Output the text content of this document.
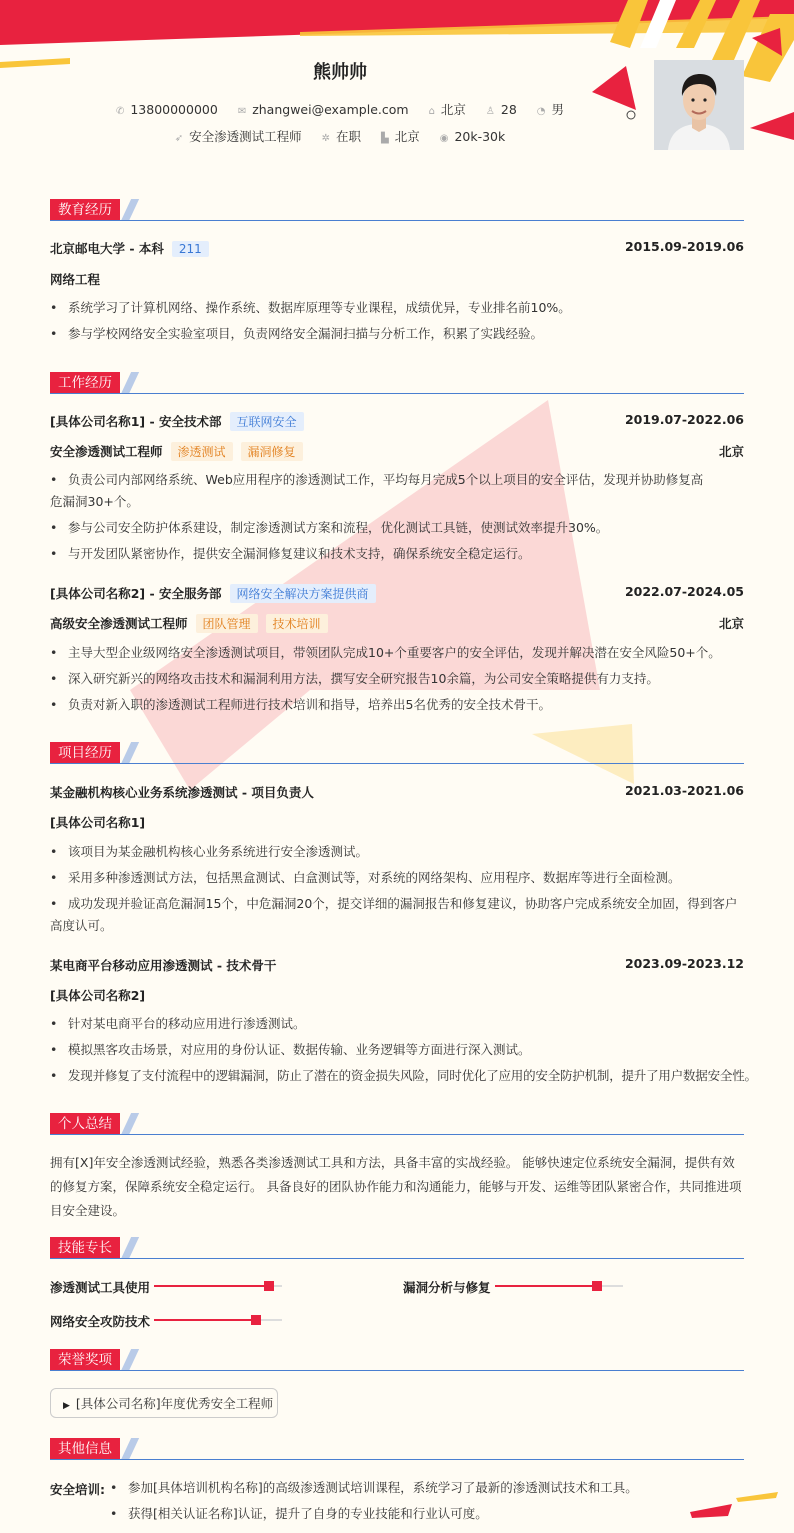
熊帅帅
✆ 13800000000 ✉ zhangwei@example.com ⌂ 北京 ♙ 28 ◔ 男
➶ 安全渗透测试工程师 ✲ 在职 ▙ 北京 ◉ 20k-30k
教育经历
北京邮电大学 - 本科 211	2015.09-2019.06
网络工程
• 系统学习了计算机网络、操作系统、数据库原理等专业课程，成绩优异，专业排名前10%。
• 参与学校网络安全实验室项目，负责网络安全漏洞扫描与分析工作，积累了实践经验。
工作经历
[具体公司名称1] - 安全技术部 互联网安全	2019.07-2022.06
安全渗透测试工程师 渗透测试 漏洞修复	北京
• 负责公司内部网络系统、Web应用程序的渗透测试工作，平均每月完成5个以上项目的安全评估，发现并协助修复高危漏洞30+个。
• 参与公司安全防护体系建设，制定渗透测试方案和流程，优化测试工具链，使测试效率提升30%。
• 与开发团队紧密协作，提供安全漏洞修复建议和技术支持，确保系统安全稳定运行。
[具体公司名称2] - 安全服务部 网络安全解决方案提供商	2022.07-2024.05
高级安全渗透测试工程师 团队管理 技术培训	北京
• 主导大型企业级网络安全渗透测试项目，带领团队完成10+个重要客户的安全评估，发现并解决潜在安全风险50+个。
• 深入研究新兴的网络攻击技术和漏洞利用方法，撰写安全研究报告10余篇，为公司安全策略提供有力支持。
• 负责对新入职的渗透测试工程师进行技术培训和指导，培养出5名优秀的安全技术骨干。
项目经历
某金融机构核心业务系统渗透测试 - 项目负责人	2021.03-2021.06
[具体公司名称1]
• 该项目为某金融机构核心业务系统进行安全渗透测试。
• 采用多种渗透测试方法，包括黑盒测试、白盒测试等，对系统的网络架构、应用程序、数据库等进行全面检测。
• 成功发现并验证高危漏洞15个，中危漏洞20个，提交详细的漏洞报告和修复建议，协助客户完成系统安全加固，得到客户高度认可。
某电商平台移动应用渗透测试 - 技术骨干	2023.09-2023.12
[具体公司名称2]
• 针对某电商平台的移动应用进行渗透测试。
• 模拟黑客攻击场景，对应用的身份认证、数据传输、业务逻辑等方面进行深入测试。
• 发现并修复了支付流程中的逻辑漏洞，防止了潜在的资金损失风险，同时优化了应用的安全防护机制，提升了用户数据安全性。
个人总结
拥有[X]年安全渗透测试经验，熟悉各类渗透测试工具和方法，具备丰富的实战经验。 能够快速定位系统安全漏洞，提供有效的修复方案，保障系统安全稳定运行。 具备良好的团队协作能力和沟通能力，能够与开发、运维等团队紧密合作，共同推进项目安全建设。
技能专长
渗透测试工具使用	漏洞分析与修复
网络安全攻防技术
荣誉奖项
▶ [具体公司名称]年度优秀安全工程师
其他信息
安全培训:
•	参加[具体培训机构名称]的高级渗透测试培训课程，系统学习了最新的渗透测试技术和工具。
• 获得[相关认证名称]认证，提升了自身的专业技能和行业认可度。
